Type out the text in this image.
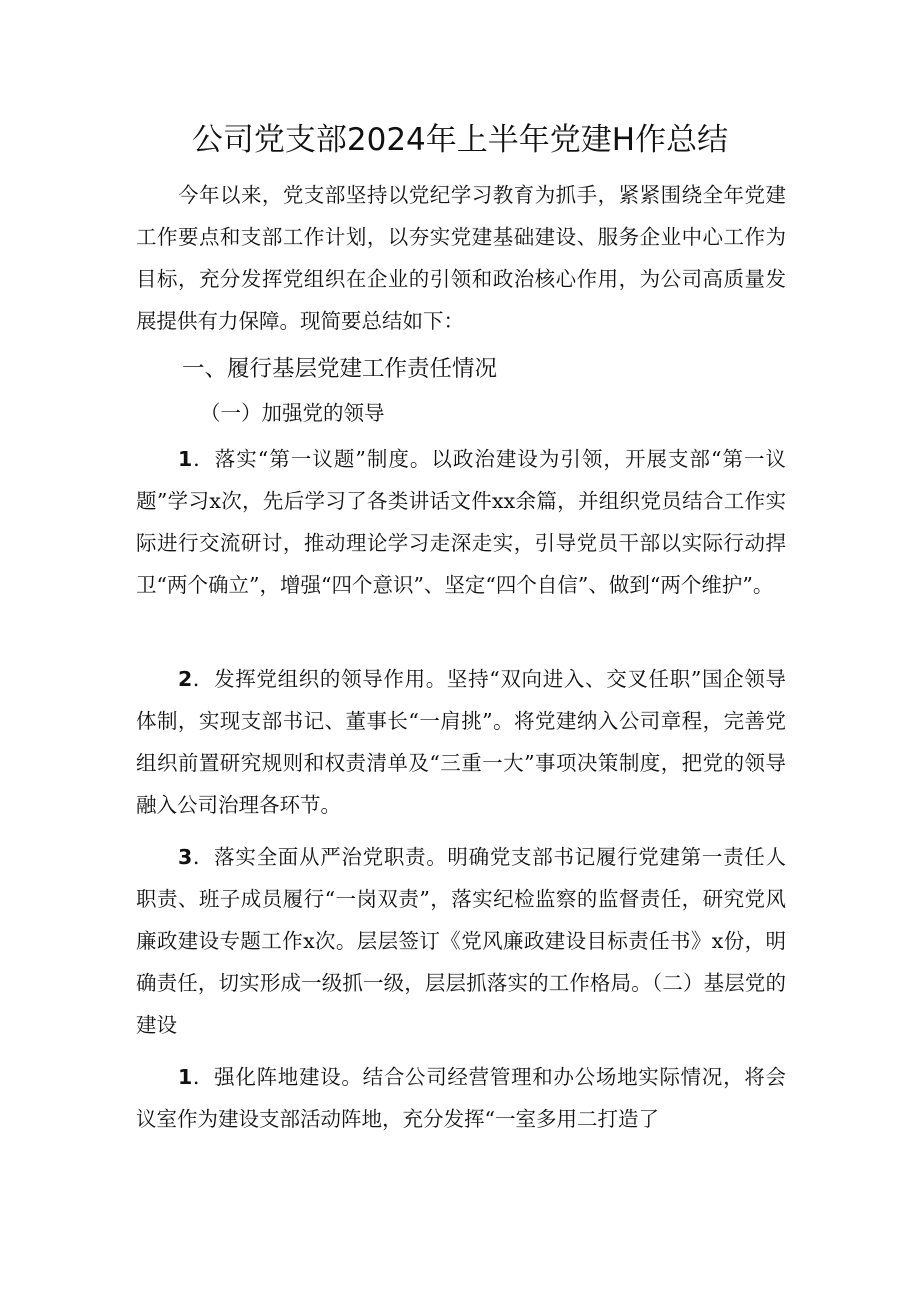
公司党支部2024年上半年党建H作总结

今年以来，党支部坚持以党纪学习教育为抓手，紧紧围绕全年党建工作要点和支部工作计划，以夯实党建基础建设、服务企业中心工作为目标，充分发挥党组织在企业的引领和政治核心作用，为公司高质量发展提供有力保障。现简要总结如下：

一、履行基层党建工作责任情况

（一）加强党的领导

1．落实“第一议题”制度。以政治建设为引领，开展支部“第一议题”学习x次，先后学习了各类讲话文件xx余篇，并组织党员结合工作实际进行交流研讨，推动理论学习走深走实，引导党员干部以实际行动捍卫“两个确立”，增强“四个意识”、坚定“四个自信”、做到“两个维护”。

2．发挥党组织的领导作用。坚持“双向进入、交叉任职”国企领导体制，实现支部书记、董事长“一肩挑”。将党建纳入公司章程，完善党组织前置研究规则和权责清单及“三重一大”事项决策制度，把党的领导融入公司治理各环节。

3．落实全面从严治党职责。明确党支部书记履行党建第一责任人职责、班子成员履行“一岗双责”，落实纪检监察的监督责任，研究党风廉政建设专题工作x次。层层签订《党风廉政建设目标责任书》x份，明确责任，切实形成一级抓一级，层层抓落实的工作格局。（二）基层党的建设

1．强化阵地建设。结合公司经营管理和办公场地实际情况，将会议室作为建设支部活动阵地，充分发挥“一室多用二打造了
